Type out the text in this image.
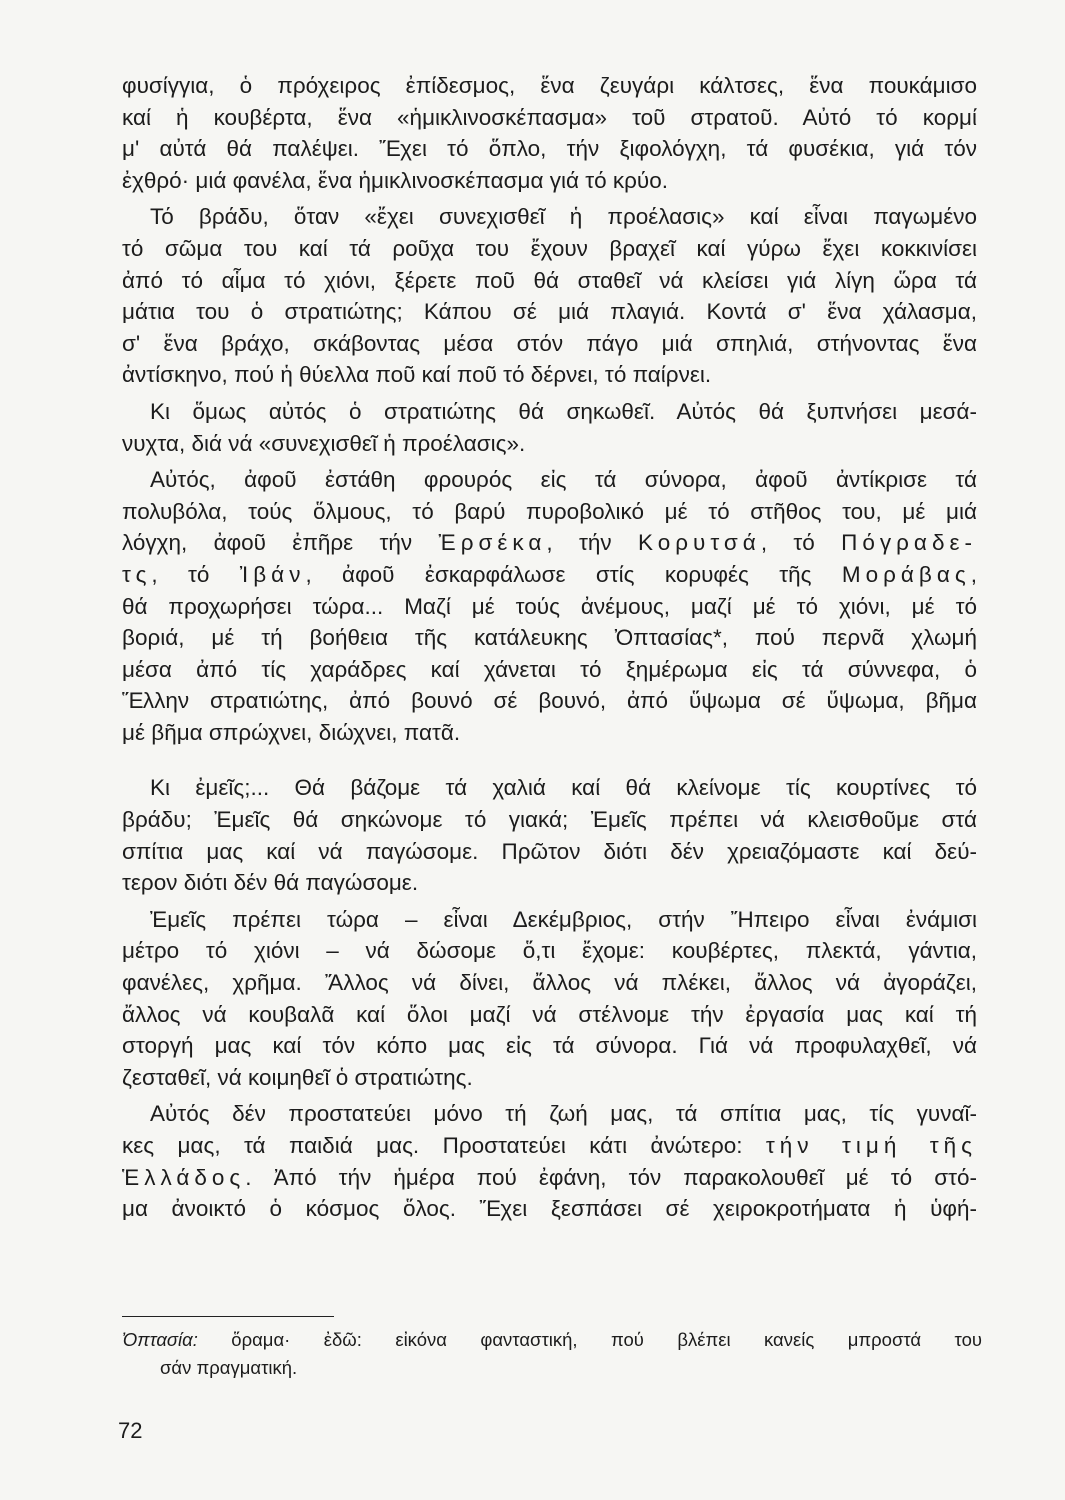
φυσίγγια, ὁ πρόχειρος ἐπίδεσμος, ἕνα ζευγάρι κάλτσες, ἕνα πουκάμισο
καί ἡ κουβέρτα, ἕνα «ἡμικλινοσκέπασμα» τοῦ στρατοῦ. Αὐτό τό κορμί
μ' αὐτά θά παλέψει. Ἔχει τό ὅπλο, τήν ξιφολόγχη, τά φυσέκια, γιά τόν
ἐχθρό· μιά φανέλα, ἕνα ἡμικλινοσκέπασμα γιά τό κρύο.
Τό βράδυ, ὅταν «ἔχει συνεχισθεῖ ἡ προέλασις» καί εἶναι παγωμένο
τό σῶμα του καί τά ροῦχα του ἔχουν βραχεῖ καί γύρω ἔχει κοκκινίσει
ἀπό τό αἷμα τό χιόνι, ξέρετε ποῦ θά σταθεῖ νά κλείσει γιά λίγη ὥρα τά
μάτια του ὁ στρατιώτης; Κάπου σέ μιά πλαγιά. Κοντά σ' ἕνα χάλασμα,
σ' ἕνα βράχο, σκάβοντας μέσα στόν πάγο μιά σπηλιά, στήνοντας ἕνα
ἀντίσκηνο, πού ἡ θύελλα ποῦ καί ποῦ τό δέρνει, τό παίρνει.
Κι ὅμως αὐτός ὁ στρατιώτης θά σηκωθεῖ. Αὐτός θά ξυπνήσει μεσά-
νυχτα, διά νά «συνεχισθεῖ ἡ προέλασις».
Αὐτός, ἀφοῦ ἐστάθη φρουρός εἰς τά σύνορα, ἀφοῦ ἀντίκρισε τά
πολυβόλα, τούς ὅλμους, τό βαρύ πυροβολικό μέ τό στῆθος του, μέ μιά
λόγχη, ἀφοῦ ἐπῆρε τήν Ἐρσέκα, τήν Κορυτσά, τό Πόγραδε-
τς, τό Ἰβάν, ἀφοῦ ἐσκαρφάλωσε στίς κορυφές τῆς Μοράβας,
θά προχωρήσει τώρα... Μαζί μέ τούς ἀνέμους, μαζί μέ τό χιόνι, μέ τό
βοριά, μέ τή βοήθεια τῆς κατάλευκης Ὀπτασίας*, πού περνᾶ χλωμή
μέσα ἀπό τίς χαράδρες καί χάνεται τό ξημέρωμα εἰς τά σύννεφα, ὁ
Ἕλλην στρατιώτης, ἀπό βουνό σέ βουνό, ἀπό ὕψωμα σέ ὕψωμα, βῆμα
μέ βῆμα σπρώχνει, διώχνει, πατᾶ.
Κι ἐμεῖς;... Θά βάζομε τά χαλιά καί θά κλείνομε τίς κουρτίνες τό
βράδυ; Ἐμεῖς θά σηκώνομε τό γιακά; Ἐμεῖς πρέπει νά κλεισθοῦμε στά
σπίτια μας καί νά παγώσομε. Πρῶτον διότι δέν χρειαζόμαστε καί δεύ-
τερον διότι δέν θά παγώσομε.
Ἐμεῖς πρέπει τώρα – εἶναι Δεκέμβριος, στήν Ἤπειρο εἶναι ἐνάμισι
μέτρο τό χιόνι – νά δώσομε ὅ,τι ἔχομε: κουβέρτες, πλεκτά, γάντια,
φανέλες, χρῆμα. Ἄλλος νά δίνει, ἄλλος νά πλέκει, ἄλλος νά ἀγοράζει,
ἄλλος νά κουβαλᾶ καί ὅλοι μαζί νά στέλνομε τήν ἐργασία μας καί τή
στοργή μας καί τόν κόπο μας εἰς τά σύνορα. Γιά νά προφυλαχθεῖ, νά
ζεσταθεῖ, νά κοιμηθεῖ ὁ στρατιώτης.
Αὐτός δέν προστατεύει μόνο τή ζωή μας, τά σπίτια μας, τίς γυναῖ-
κες μας, τά παιδιά μας. Προστατεύει κάτι ἀνώτερο: τήν τιμή τῆς
Ἑλλάδος. Ἀπό τήν ἡμέρα πού ἐφάνη, τόν παρακολουθεῖ μέ τό στό-
μα ἀνοικτό ὁ κόσμος ὅλος. Ἔχει ξεσπάσει σέ χειροκροτήματα ἡ ὑφή-
Ὀπτασία: ὅραμα· ἐδῶ: εἰκόνα φανταστική, πού βλέπει κανείς μπροστά του
σάν πραγματική.
72
